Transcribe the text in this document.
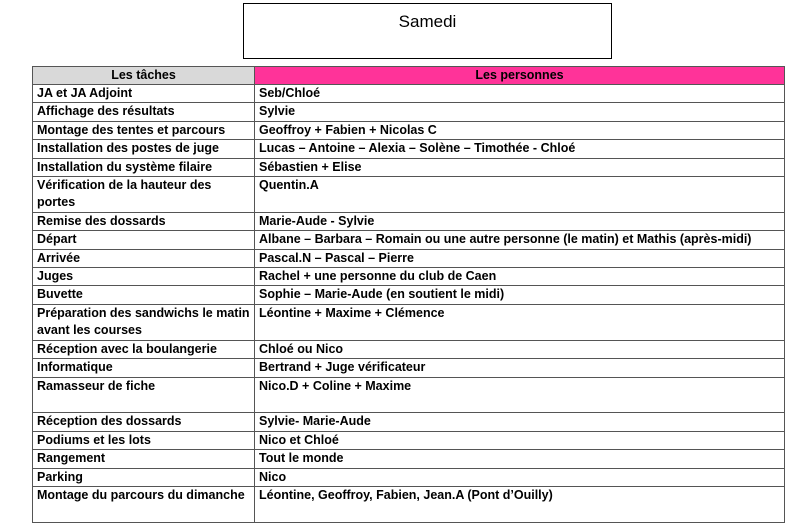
Samedi
Les tâches	Les personnes
JA et JA Adjoint	Seb/Chloé
Affichage des résultats	Sylvie
Montage des tentes et parcours	Geoffroy + Fabien + Nicolas C
Installation des postes de juge	Lucas – Antoine – Alexia – Solène – Timothée - Chloé
Installation du système filaire	Sébastien + Elise
Vérification de la hauteur des portes	Quentin.A
Remise des dossards	Marie-Aude - Sylvie
Départ	Albane – Barbara – Romain ou une autre personne (le matin) et Mathis (après-midi)
Arrivée	Pascal.N – Pascal – Pierre
Juges	Rachel + une personne du club de Caen
Buvette	Sophie – Marie-Aude (en soutient le midi)
Préparation des sandwichs le matin avant les courses	Léontine + Maxime + Clémence
Réception avec la boulangerie	Chloé ou Nico
Informatique	Bertrand + Juge vérificateur
Ramasseur de fiche	Nico.D + Coline + Maxime
Réception des dossards	Sylvie- Marie-Aude
Podiums et les lots	Nico et Chloé
Rangement	Tout le monde
Parking	Nico
Montage du parcours du dimanche	Léontine, Geoffroy, Fabien, Jean.A (Pont d’Ouilly)
